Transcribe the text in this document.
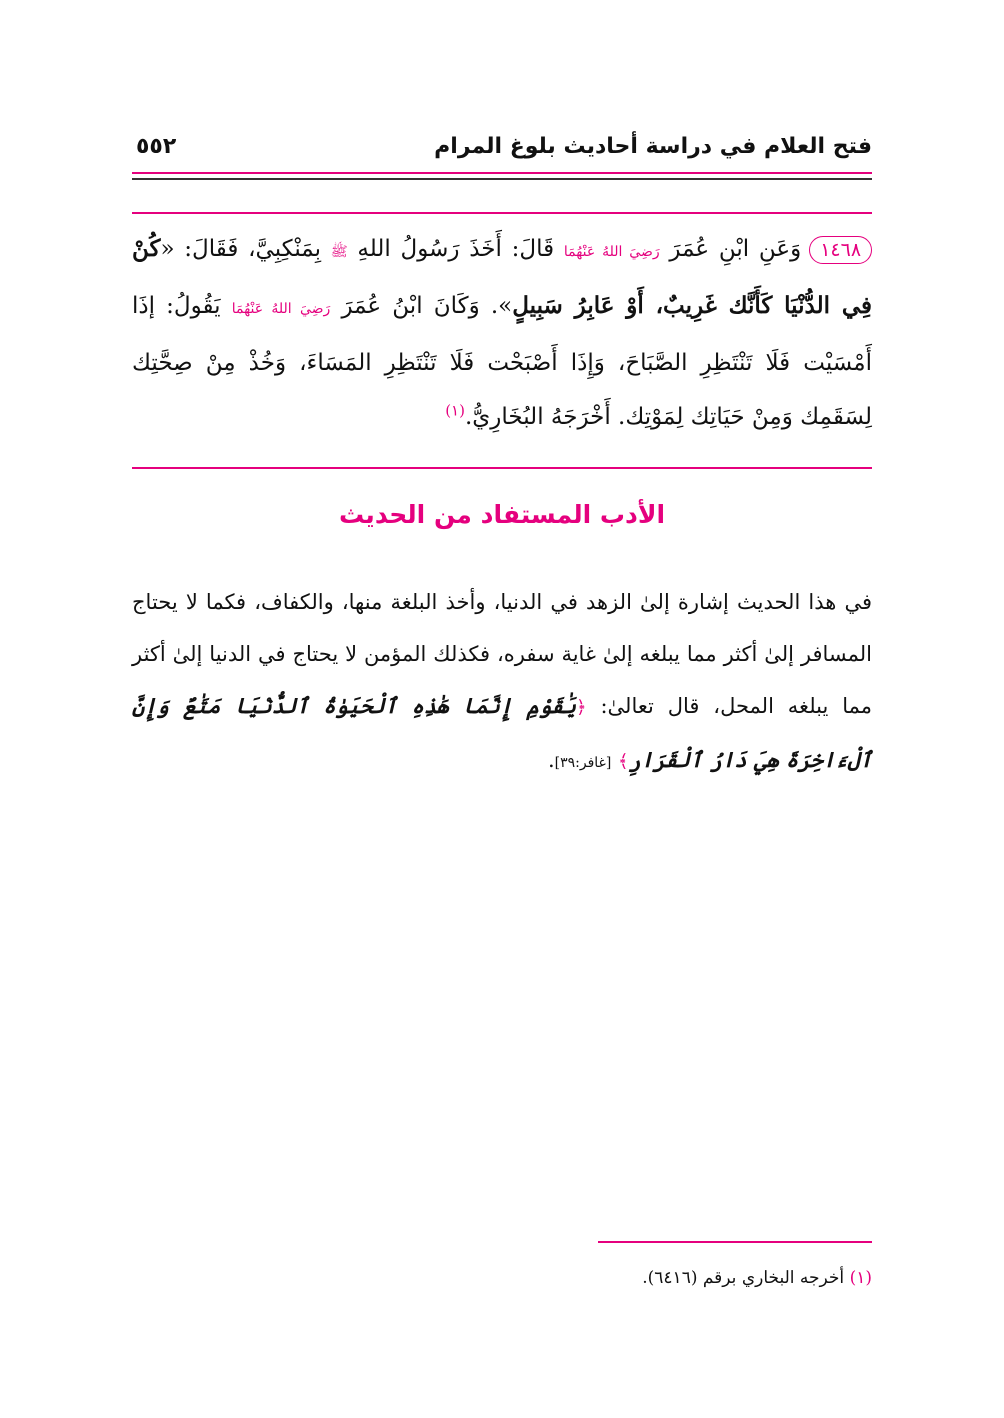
فتح العلام في دراسة أحاديث بلوغ المرام
٥٥٢
١٤٦٨وَعَنِ ابْنِ عُمَرَ رَضِيَ اللهُ عَنْهُمَا قَالَ: أَخَذَ رَسُولُ اللهِ ﷺ بِمَنْكِبِيَّ، فَقَالَ: «كُنْ فِي الدُّنْيَا كَأَنَّك غَرِيبٌ، أَوْ عَابِرُ سَبِيلٍ». وَكَانَ ابْنُ عُمَرَ رَضِيَ اللهُ عَنْهُمَا يَقُولُ: إذَا أَمْسَيْت فَلَا تَنْتَظِرِ الصَّبَاحَ، وَإِذَا أَصْبَحْت فَلَا تَنْتَظِرِ المَسَاءَ، وَخُذْ مِنْ صِحَّتِك لِسَقَمِك وَمِنْ حَيَاتِك لِمَوْتِك. أَخْرَجَهُ البُخَارِيُّ.$^{(١)}$
الأدب المستفاد من الحديث
في هذا الحديث إشارة إلىٰ الزهد في الدنيا، وأخذ البلغة منها، والكفاف، فكما لا يحتاج المسافر إلىٰ أكثر مما يبلغه إلىٰ غاية سفره، فكذلك المؤمن لا يحتاج في الدنيا إلىٰ أكثر مما يبلغه المحل، قال تعالىٰ: ﴿يَٰقَوْمِ إِنَّمَا هَٰذِهِ ٱلْحَيَوٰةُ ٱلدُّنْيَا مَتَٰعٌ وَإِنَّ ٱلْءَاخِرَةَ هِيَ دَارُ ٱلْقَرَارِ﴾ [غافر:٣٩].
(١) أخرجه البخاري برقم (٦٤١٦).
